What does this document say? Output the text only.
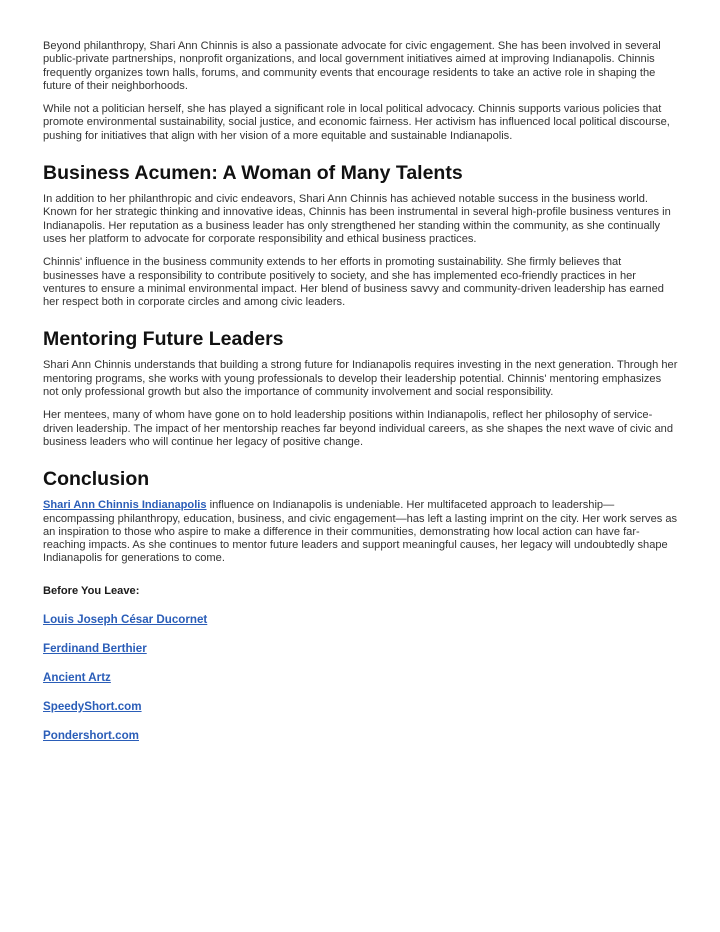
Beyond philanthropy, Shari Ann Chinnis is also a passionate advocate for civic engagement. She has been involved in several public-private partnerships, nonprofit organizations, and local government initiatives aimed at improving Indianapolis. Chinnis frequently organizes town halls, forums, and community events that encourage residents to take an active role in shaping the future of their neighborhoods.

While not a politician herself, she has played a significant role in local political advocacy. Chinnis supports various policies that promote environmental sustainability, social justice, and economic fairness. Her activism has influenced local political discourse, pushing for initiatives that align with her vision of a more equitable and sustainable Indianapolis.

Business Acumen: A Woman of Many Talents

In addition to her philanthropic and civic endeavors, Shari Ann Chinnis has achieved notable success in the business world. Known for her strategic thinking and innovative ideas, Chinnis has been instrumental in several high-profile business ventures in Indianapolis. Her reputation as a business leader has only strengthened her standing within the community, as she continually uses her platform to advocate for corporate responsibility and ethical business practices.

Chinnis' influence in the business community extends to her efforts in promoting sustainability. She firmly believes that businesses have a responsibility to contribute positively to society, and she has implemented eco-friendly practices in her ventures to ensure a minimal environmental impact. Her blend of business savvy and community-driven leadership has earned her respect both in corporate circles and among civic leaders.

Mentoring Future Leaders

Shari Ann Chinnis understands that building a strong future for Indianapolis requires investing in the next generation. Through her mentoring programs, she works with young professionals to develop their leadership potential. Chinnis' mentoring emphasizes not only professional growth but also the importance of community involvement and social responsibility.

Her mentees, many of whom have gone on to hold leadership positions within Indianapolis, reflect her philosophy of service-driven leadership. The impact of her mentorship reaches far beyond individual careers, as she shapes the next wave of civic and business leaders who will continue her legacy of positive change.

Conclusion

Shari Ann Chinnis Indianapolis influence on Indianapolis is undeniable. Her multifaceted approach to leadership—encompassing philanthropy, education, business, and civic engagement—has left a lasting imprint on the city. Her work serves as an inspiration to those who aspire to make a difference in their communities, demonstrating how local action can have far-reaching impacts. As she continues to mentor future leaders and support meaningful causes, her legacy will undoubtedly shape Indianapolis for generations to come.

Before You Leave:

Louis Joseph César Ducornet

Ferdinand Berthier

Ancient Artz

SpeedyShort.com

Pondershort.com
